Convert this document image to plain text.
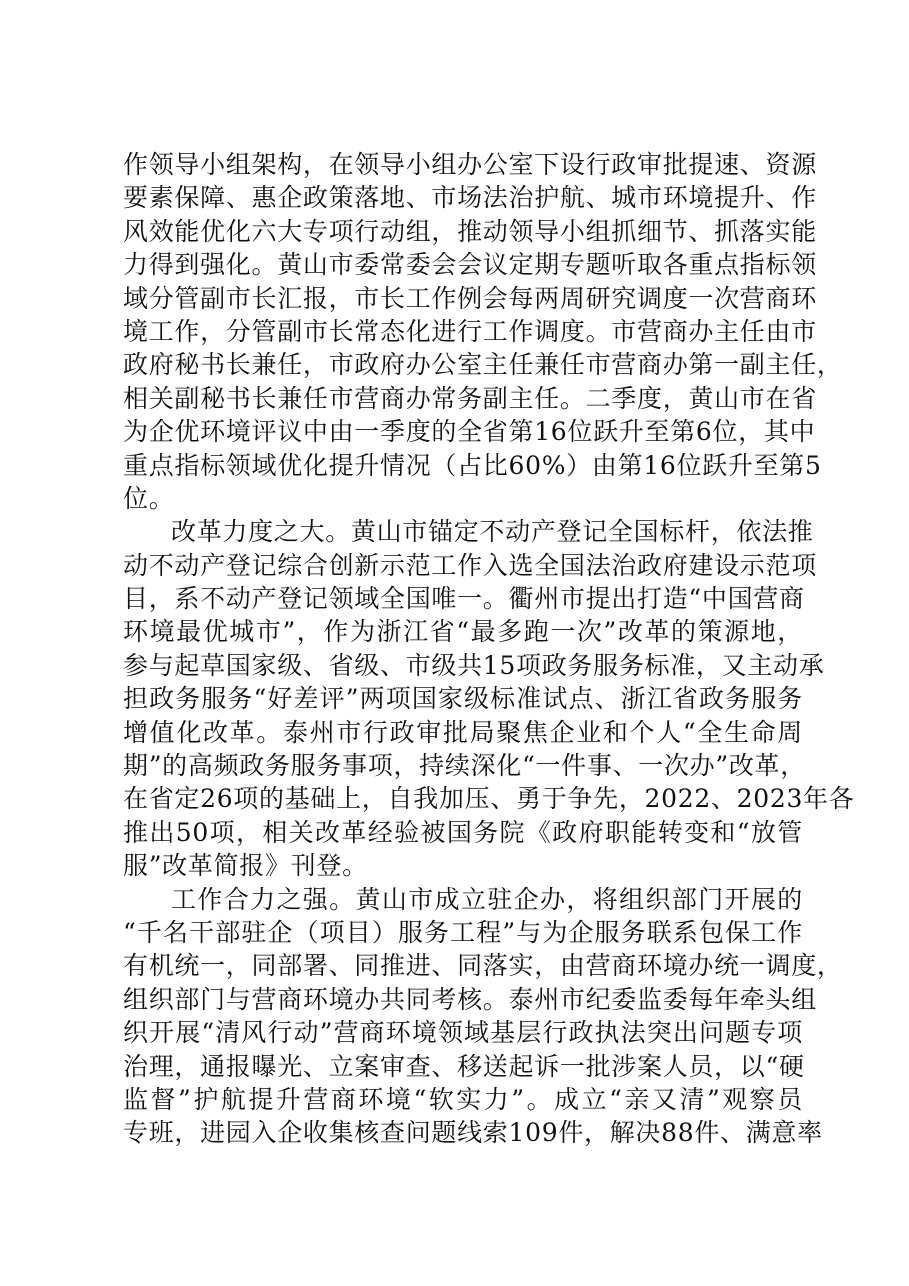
作领导小组架构，在领导小组办公室下设行政审批提速、资源
要素保障、惠企政策落地、市场法治护航、城市环境提升、作
风效能优化六大专项行动组，推动领导小组抓细节、抓落实能
力得到强化。黄山市委常委会会议定期专题听取各重点指标领
域分管副市长汇报，市长工作例会每两周研究调度一次营商环
境工作，分管副市长常态化进行工作调度。市营商办主任由市
政府秘书长兼任，市政府办公室主任兼任市营商办第一副主任，
相关副秘书长兼任市营商办常务副主任。二季度，黄山市在省
为企优环境评议中由一季度的全省第16位跃升至第6位，其中
重点指标领域优化提升情况（占比60%）由第16位跃升至第5
位。
改革力度之大。黄山市锚定不动产登记全国标杆，依法推
动不动产登记综合创新示范工作入选全国法治政府建设示范项
目，系不动产登记领域全国唯一。衢州市提出打造“中国营商
环境最优城市”，作为浙江省“最多跑一次”改革的策源地，
参与起草国家级、省级、市级共15项政务服务标准，又主动承
担政务服务“好差评”两项国家级标准试点、浙江省政务服务
增值化改革。泰州市行政审批局聚焦企业和个人“全生命周
期”的高频政务服务事项，持续深化“一件事、一次办”改革，
在省定26项的基础上，自我加压、勇于争先，2022、2023年各
推出50项，相关改革经验被国务院《政府职能转变和“放管
服”改革简报》刊登。
工作合力之强。黄山市成立驻企办，将组织部门开展的
“千名干部驻企（项目）服务工程”与为企服务联系包保工作
有机统一，同部署、同推进、同落实，由营商环境办统一调度，
组织部门与营商环境办共同考核。泰州市纪委监委每年牵头组
织开展“清风行动”营商环境领域基层行政执法突出问题专项
治理，通报曝光、立案审查、移送起诉一批涉案人员，以“硬
监督”护航提升营商环境“软实力”。成立“亲又清”观察员
专班，进园入企收集核查问题线索109件，解决88件、满意率
